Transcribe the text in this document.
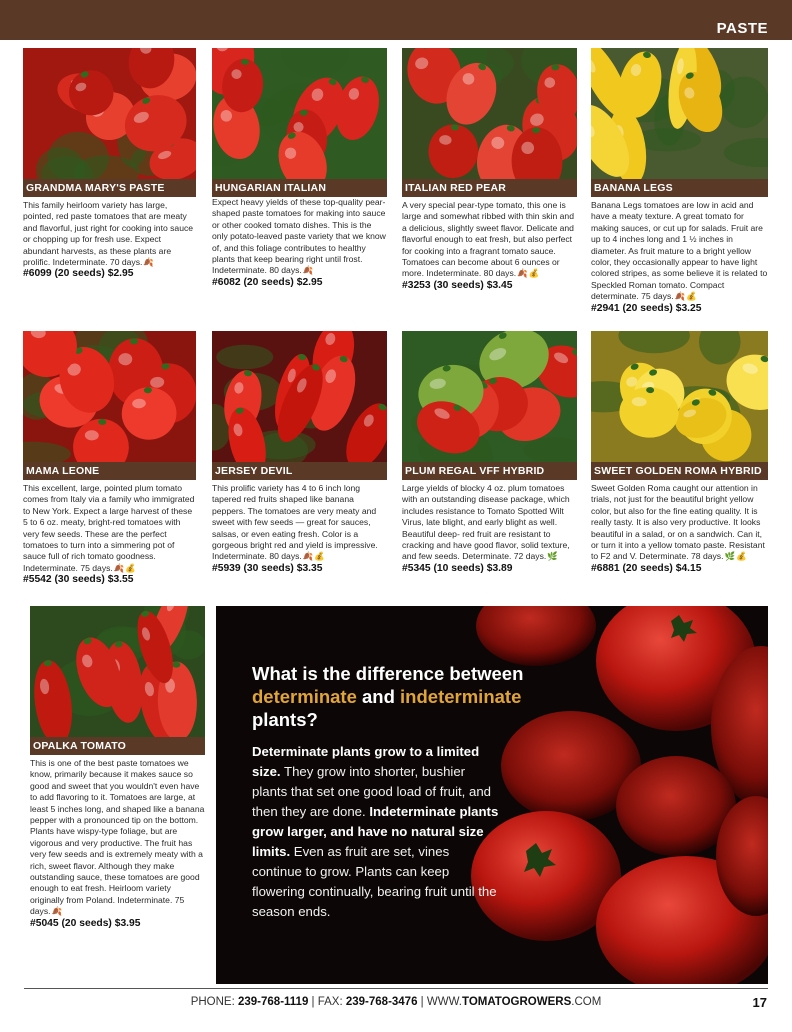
PASTE
GRANDMA MARY'S PASTE
This family heirloom variety has large, pointed, red paste tomatoes that are meaty and flavorful, just right for cooking into sauce or chopping up for fresh use. Expect abundant harvests, as these plants are prolific. Indeterminate. 70 days.🍂
#6099 (20 seeds) $2.95
HUNGARIAN ITALIAN
Expect heavy yields of these top-quality pear-shaped paste tomatoes for making into sauce or other cooked tomato dishes. This is the only potato-leaved paste variety that we know of, and this foliage contributes to healthy plants that keep bearing right until frost. Indeterminate. 80 days.🍂
#6082 (20 seeds) $2.95
ITALIAN RED PEAR
A very special pear-type tomato, this one is large and somewhat ribbed with thin skin and a delicious, slightly sweet flavor. Delicate and flavorful enough to eat fresh, but also perfect for cooking into a fragrant tomato sauce. Tomatoes can become about 6 ounces or more. Indeterminate. 80 days.🍂💰
#3253 (30 seeds) $3.45
BANANA LEGS
Banana Legs tomatoes are low in acid and have a meaty texture. A great tomato for making sauces, or cut up for salads. Fruit are up to 4 inches long and 1 ½ inches in diameter. As fruit mature to a bright yellow color, they occasionally appear to have light colored stripes, as some believe it is related to Speckled Roman tomato. Compact determinate. 75 days.🍂💰
#2941 (20 seeds) $3.25
MAMA LEONE
This excellent, large, pointed plum tomato comes from Italy via a family who immigrated to New York. Expect a large harvest of these 5 to 6 oz. meaty, bright-red tomatoes with very few seeds. These are the perfect tomatoes to turn into a simmering pot of sauce full of rich tomato goodness. Indeterminate. 75 days.🍂💰
#5542 (30 seeds) $3.55
JERSEY DEVIL
This prolific variety has 4 to 6 inch long tapered red fruits shaped like banana peppers. The tomatoes are very meaty and sweet with few seeds — great for sauces, salsas, or even eating fresh. Color is a gorgeous bright red and yield is impressive. Indeterminate. 80 days.🍂💰
#5939 (30 seeds) $3.35
PLUM REGAL VFF HYBRID
Large yields of blocky 4 oz. plum tomatoes with an outstanding disease package, which includes resistance to Tomato Spotted Wilt Virus, late blight, and early blight as well. Beautiful deep- red fruit are resistant to cracking and have good flavor, solid texture, and few seeds. Determinate. 72 days.🌿
#5345 (10 seeds) $3.89
SWEET GOLDEN ROMA HYBRID
Sweet Golden Roma caught our attention in trials, not just for the beautiful bright yellow color, but also for the fine eating quality. It is really tasty. It is also very productive. It looks beautiful in a salad, or on a sandwich. Can it, or turn it into a yellow tomato paste. Resistant to F2 and V. Determinate. 78 days.🌿💰
#6881 (20 seeds) $4.15
OPALKA TOMATO
This is one of the best paste tomatoes we know, primarily because it makes sauce so good and sweet that you wouldn't even have to add flavoring to it. Tomatoes are large, at least 5 inches long, and shaped like a banana pepper with a pronounced tip on the bottom. Plants have wispy-type foliage, but are vigorous and very productive. The fruit has very few seeds and is extremely meaty with a rich, sweet flavor. Although they make outstanding sauce, these tomatoes are good enough to eat fresh. Heirloom variety originally from Poland. Indeterminate. 75 days.🍂
#5045 (20 seeds) $3.95
What is the difference between determinate and indeterminate plants?
Determinate plants grow to a limited size. They grow into shorter, bushier plants that set one good load of fruit, and then they are done. Indeterminate plants grow larger, and have no natural size limits. Even as fruit are set, vines continue to grow. Plants can keep flowering continually, bearing fruit until the season ends.
PHONE: 239-768-1119 | FAX: 239-768-3476 | WWW.TOMATOGROWERS.COM	17
